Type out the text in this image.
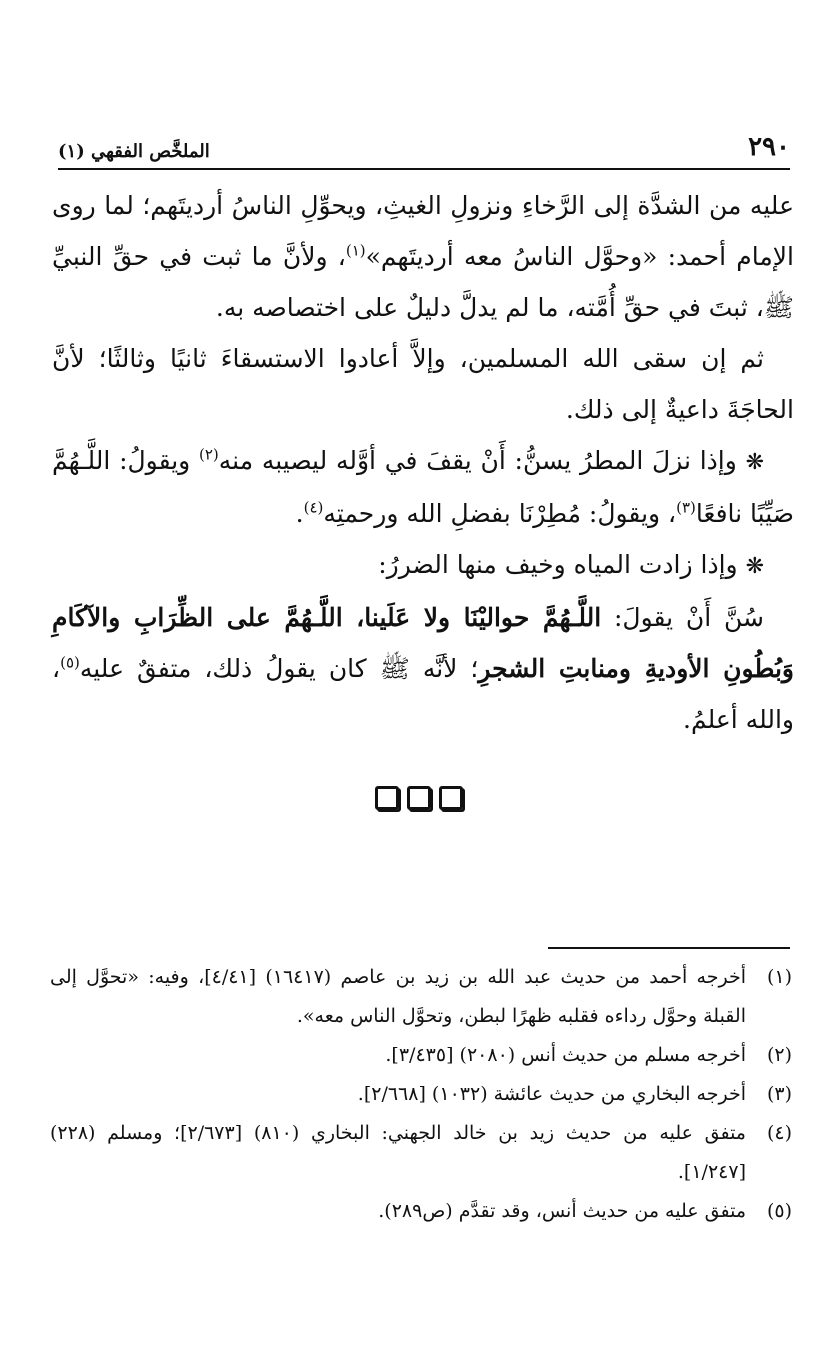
٢٩٠
الملخَّص الفقهي (١)

عليه من الشدَّة إلى الرَّخاءِ ونزولِ الغيثِ، ويحوِّلِ الناسُ أرديتَهم؛ لما روى الإمام أحمد: «وحوَّل الناسُ معه أرديتَهم»$^{(١)}$، ولأنَّ ما ثبت في حقِّ النبيِّ ﷺ، ثبتَ في حقِّ أُمَّته، ما لم يدلَّ دليلٌ على اختصاصه به.

ثم إن سقى الله المسلمين، وإلاَّ أعادوا الاستسقاءَ ثانيًا وثالثًا؛ لأنَّ الحاجَةَ داعيةٌ إلى ذلك.

❋ وإذا نزلَ المطرُ يسنُّ: أَنْ يقفَ في أوَّله ليصيبه منه$^{(٢)}$ ويقولُ: اللَّـهُمَّ صَيِّبًا نافعًا$^{(٣)}$، ويقولُ: مُطِرْنَا بفضلِ الله ورحمتِه$^{(٤)}$.

❋ وإذا زادت المياه وخيف منها الضررُ:

سُنَّ أَنْ يقولَ: اللَّـهُمَّ حواليْنَا ولا عَلَينا، اللَّـهُمَّ على الظِّرَابِ والآكَامِ وَبُطُونِ الأوديةِ ومنابتِ الشجرِ؛ لأنَّه ﷺ كان يقولُ ذلك، متفقٌ عليه$^{(٥)}$، والله أعلمُ.

(١)
أخرجه أحمد من حديث عبد الله بن زيد بن عاصم (١٦٤١٧) [٤/٤١]، وفيه: «تحوَّل إلى القبلة وحوَّل رداءه فقلبه ظهرًا لبطن، وتحوَّل الناس معه».
(٢)
أخرجه مسلم من حديث أنس (٢٠٨٠) [٣/٤٣٥].
(٣)
أخرجه البخاري من حديث عائشة (١٠٣٢) [٢/٦٦٨].
(٤)
متفق عليه من حديث زيد بن خالد الجهني: البخاري (٨١٠) [٢/٦٧٣]؛ ومسلم (٢٢٨) [١/٢٤٧].
(٥)
متفق عليه من حديث أنس، وقد تقدَّم (ص٢٨٩).
